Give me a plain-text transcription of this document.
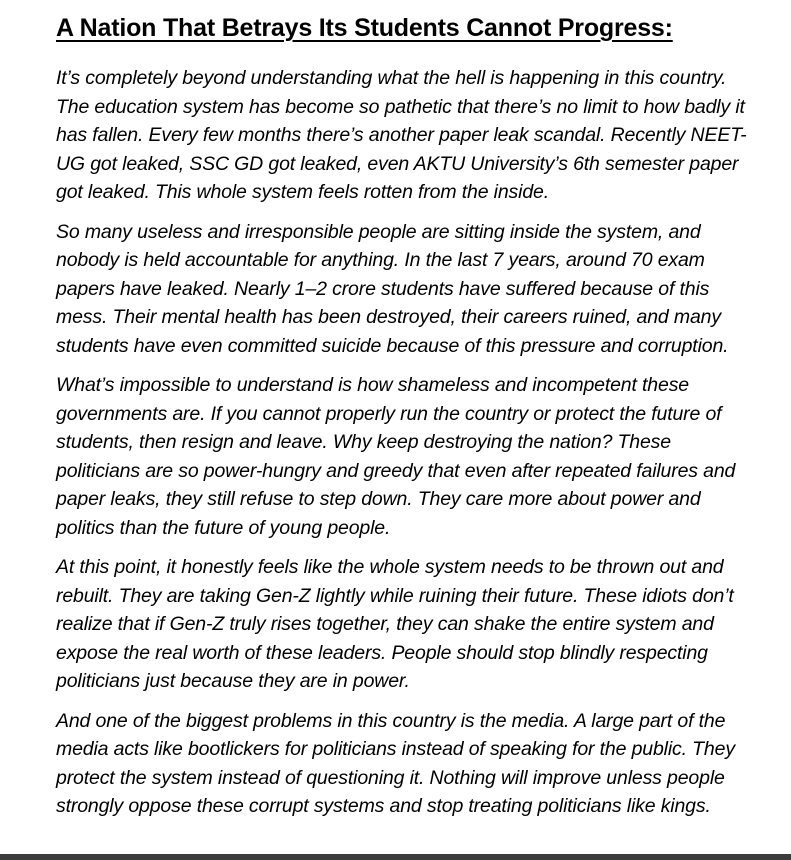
A Nation That Betrays Its Students Cannot Progress:

It’s completely beyond understanding what the hell is happening in this country. The education system has become so pathetic that there’s no limit to how badly it has fallen. Every few months there’s another paper leak scandal. Recently NEET-UG got leaked, SSC GD got leaked, even AKTU University’s 6th semester paper got leaked. This whole system feels rotten from the inside.

So many useless and irresponsible people are sitting inside the system, and nobody is held accountable for anything. In the last 7 years, around 70 exam papers have leaked. Nearly 1–2 crore students have suffered because of this mess. Their mental health has been destroyed, their careers ruined, and many students have even committed suicide because of this pressure and corruption.

What’s impossible to understand is how shameless and incompetent these governments are. If you cannot properly run the country or protect the future of students, then resign and leave. Why keep destroying the nation? These politicians are so power-hungry and greedy that even after repeated failures and paper leaks, they still refuse to step down. They care more about power and politics than the future of young people.

At this point, it honestly feels like the whole system needs to be thrown out and rebuilt. They are taking Gen-Z lightly while ruining their future. These idiots don’t realize that if Gen-Z truly rises together, they can shake the entire system and expose the real worth of these leaders. People should stop blindly respecting politicians just because they are in power.

And one of the biggest problems in this country is the media. A large part of the media acts like bootlickers for politicians instead of speaking for the public. They protect the system instead of questioning it. Nothing will improve unless people strongly oppose these corrupt systems and stop treating politicians like kings.
